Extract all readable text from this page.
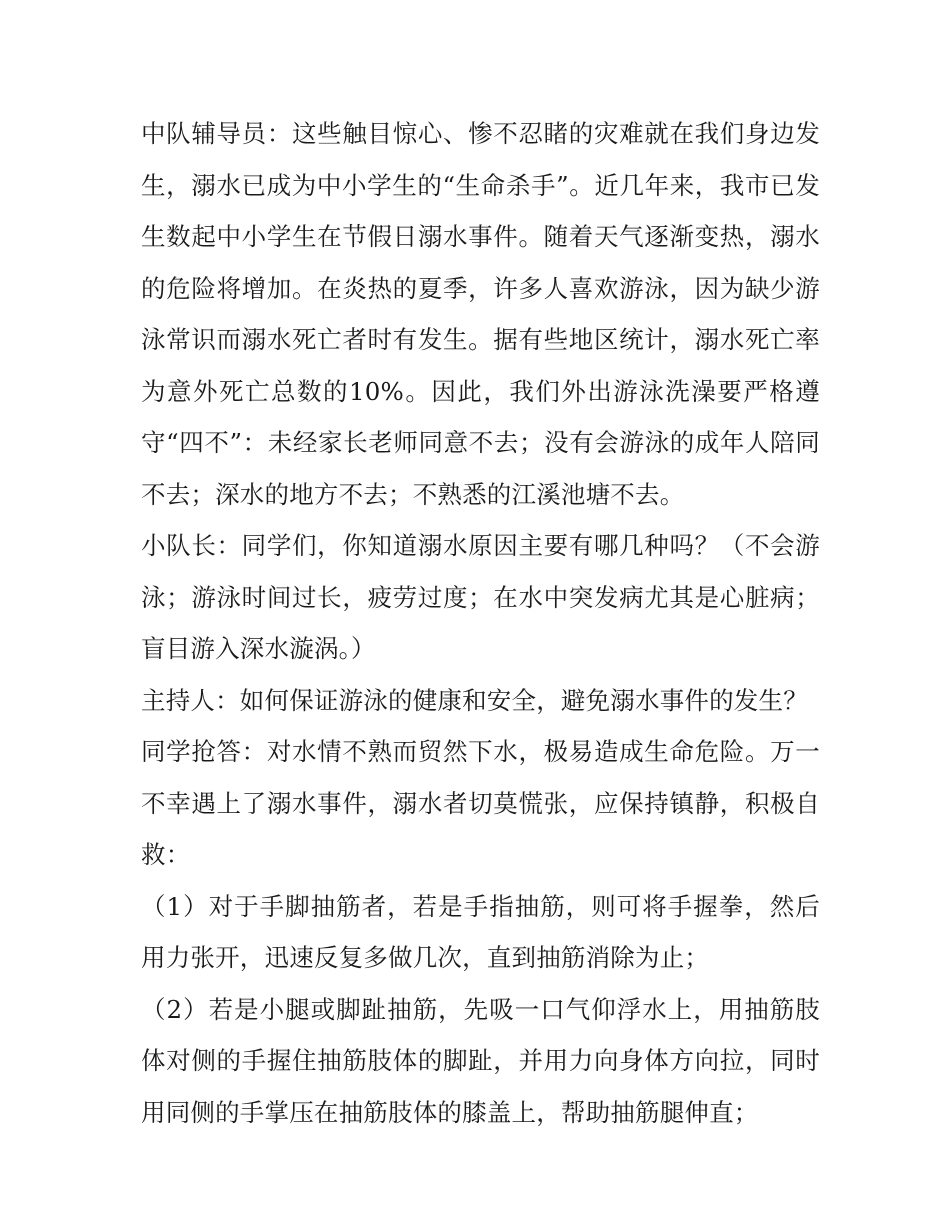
中队辅导员：这些触目惊心、惨不忍睹的灾难就在我们身边发生，溺水已成为中小学生的“生命杀手”。近几年来，我市已发生数起中小学生在节假日溺水事件。随着天气逐渐变热，溺水的危险将增加。在炎热的夏季，许多人喜欢游泳，因为缺少游泳常识而溺水死亡者时有发生。据有些地区统计，溺水死亡率为意外死亡总数的10%。因此，我们外出游泳洗澡要严格遵守“四不”：未经家长老师同意不去；没有会游泳的成年人陪同不去；深水的地方不去；不熟悉的江溪池塘不去。

小队长：同学们，你知道溺水原因主要有哪几种吗？（不会游泳；游泳时间过长，疲劳过度；在水中突发病尤其是心脏病；盲目游入深水漩涡。）

主持人：如何保证游泳的健康和安全，避免溺水事件的发生？

同学抢答：对水情不熟而贸然下水，极易造成生命危险。万一不幸遇上了溺水事件，溺水者切莫慌张，应保持镇静，积极自救：

（1）对于手脚抽筋者，若是手指抽筋，则可将手握拳，然后用力张开，迅速反复多做几次，直到抽筋消除为止；

（2）若是小腿或脚趾抽筋，先吸一口气仰浮水上，用抽筋肢体对侧的手握住抽筋肢体的脚趾，并用力向身体方向拉，同时用同侧的手掌压在抽筋肢体的膝盖上，帮助抽筋腿伸直；
